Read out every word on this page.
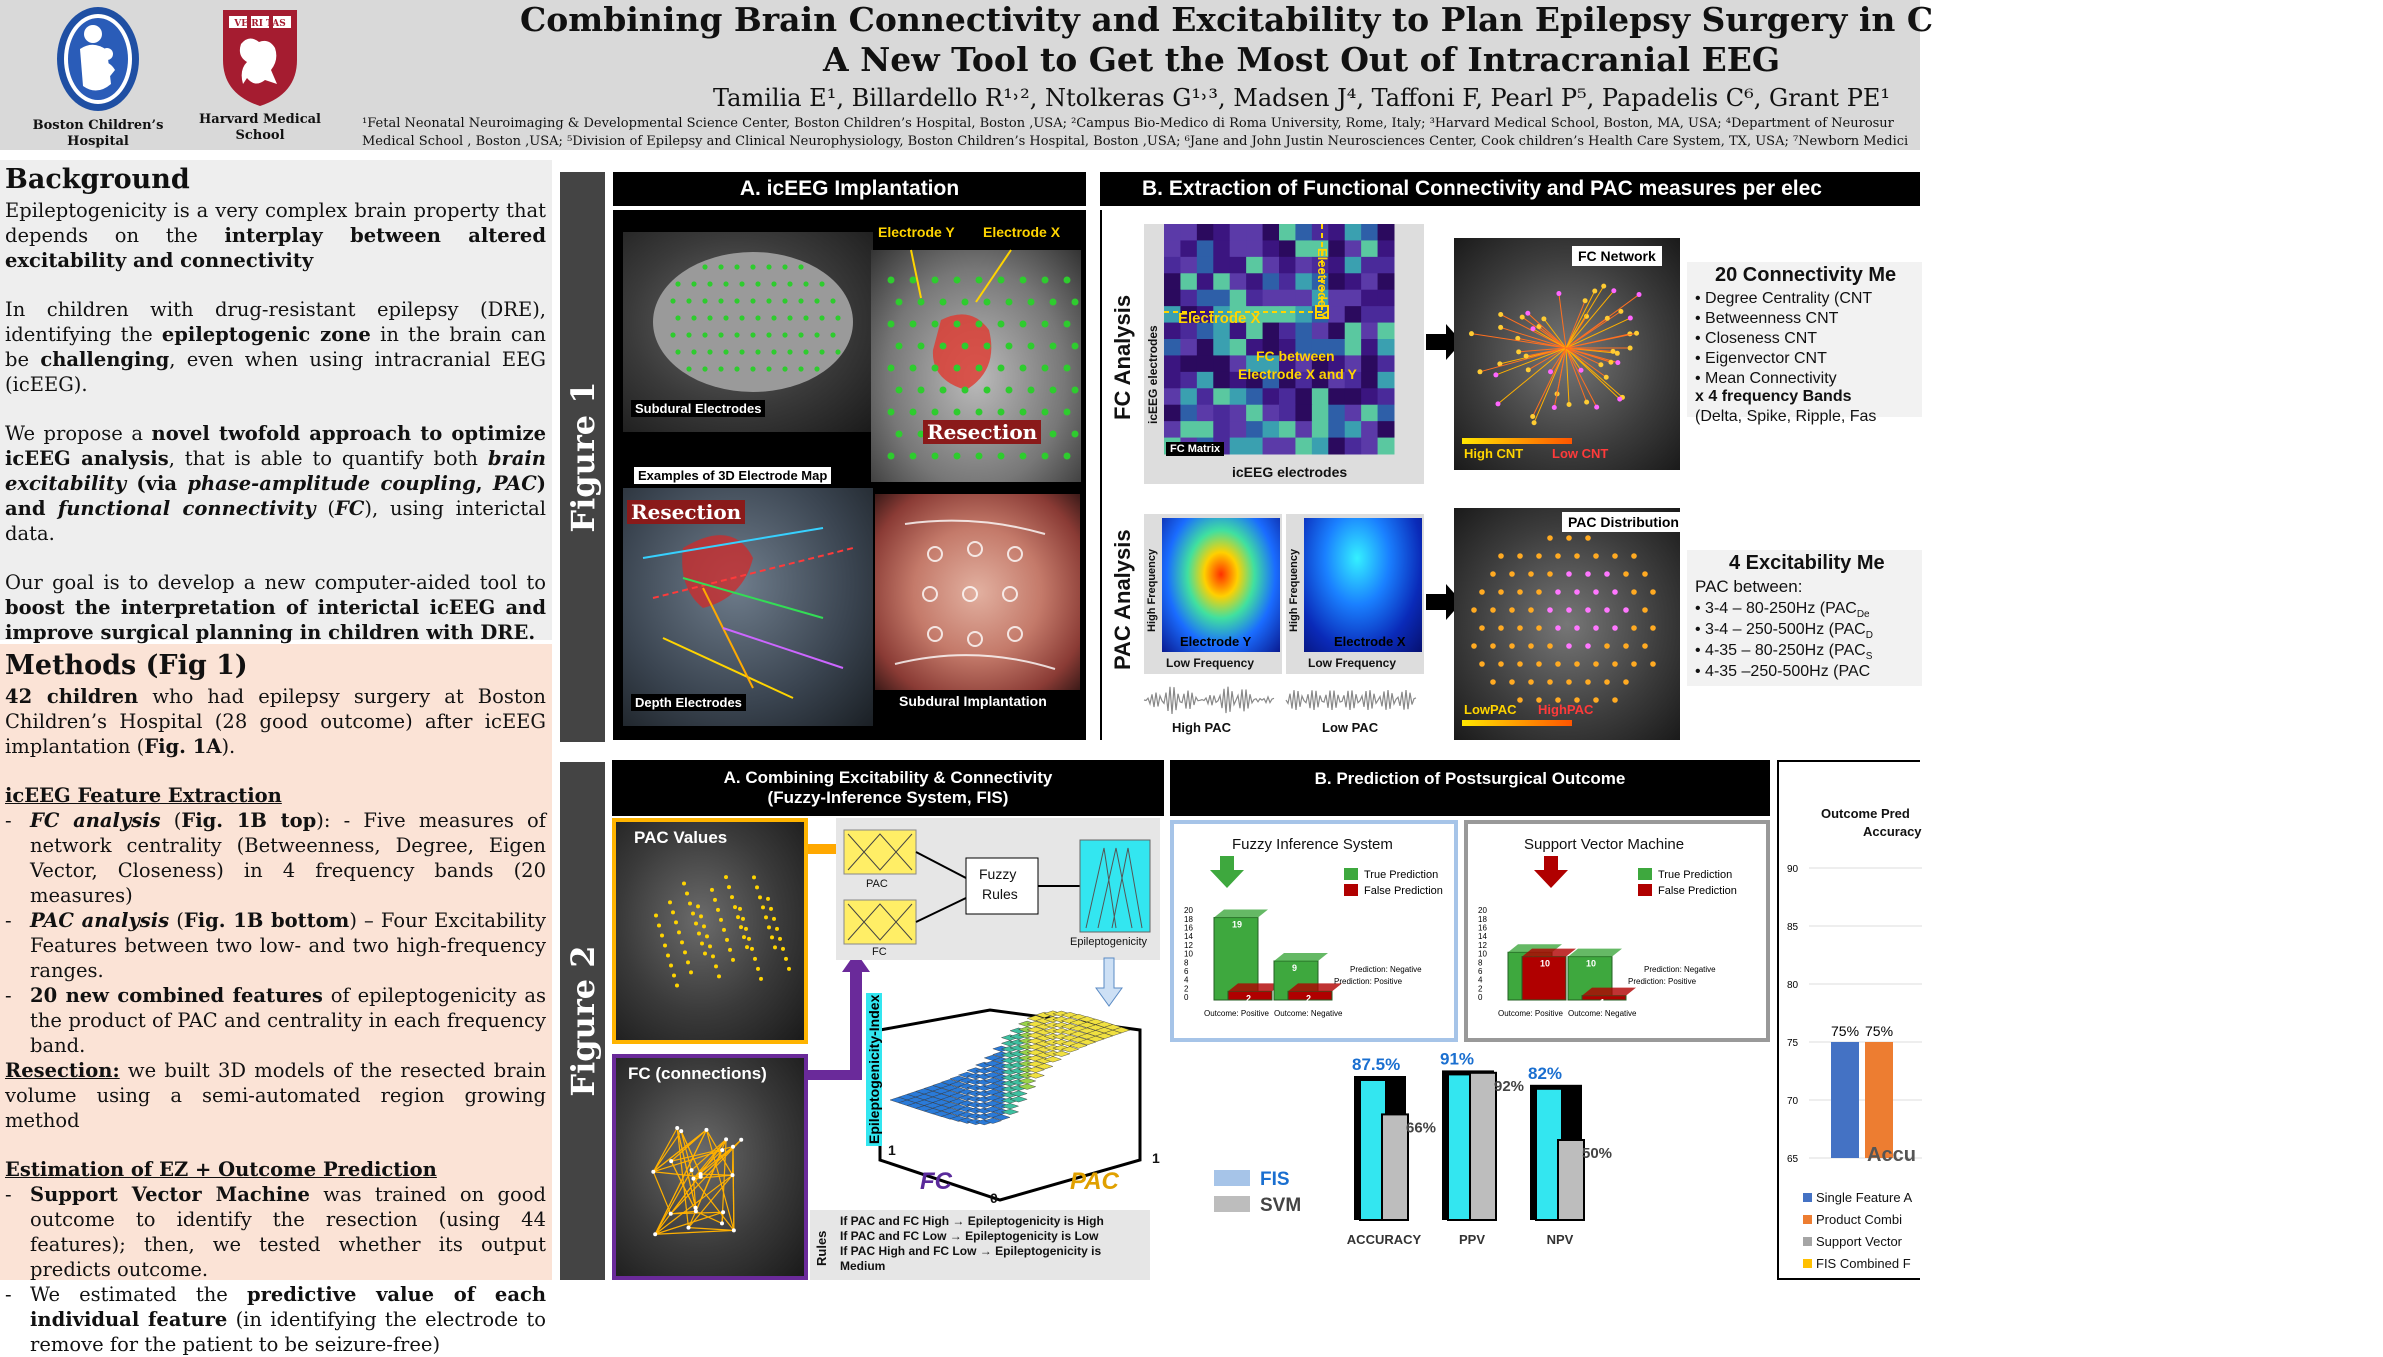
Boston Children’s Hospital
VE RI TAS
Harvard Medical School
Combining Brain Connectivity and Excitability to Plan Epilepsy Surgery in C
A New Tool to Get the Most Out of Intracranial EEG
Tamilia E¹, Billardello R¹˒², Ntolkeras G¹˒³, Madsen J⁴, Taffoni F, Pearl P⁵, Papadelis C⁶, Grant PE¹
¹Fetal Neonatal Neuroimaging & Developmental Science Center, Boston Children’s Hospital, Boston ,USA; ²Campus Bio-Medico di Roma University, Rome, Italy; ³Harvard Medical School, Boston, MA, USA; ⁴Department of Neurosur
Medical School , Boston ,USA; ⁵Division of Epilepsy and Clinical Neurophysiology, Boston Children’s Hospital, Boston ,USA; ⁶Jane and John Justin Neurosciences Center, Cook children’s Health Care System, TX, USA; ⁷Newborn Medici
Background

Epileptogenicity is a very complex brain property that depends on the interplay between altered excitability and connectivity

In children with drug-resistant epilepsy (DRE), identifying the epileptogenic zone in the brain can be challenging, even when using intracranial EEG (icEEG).

We propose a novel twofold approach to optimize icEEG analysis, that is able to quantify both brain excitability (via phase-amplitude coupling, PAC) and functional connectivity (FC), using interictal data.

Our goal is to develop a new computer-aided tool to boost the interpretation of interictal icEEG and improve surgical planning in children with DRE.

Methods (Fig 1)

42 children who had epilepsy surgery at Boston Children’s Hospital (28 good outcome) after icEEG implantation (Fig. 1A).

icEEG Feature Extraction
- FC analysis (Fig. 1B top): - Five measures of network centrality (Betweenness, Degree, Eigen Vector, Closeness) in 4 frequency bands (20 measures)
- PAC analysis (Fig. 1B bottom) – Four Excitability Features between two low- and two high-frequency ranges.
- 20 new combined features of epileptogenicity as the product of PAC and centrality in each frequency band.

Resection: we built 3D models of the resected brain volume using a semi-automated region growing method

Estimation of EZ + Outcome Prediction
- Support Vector Machine was trained on good outcome to identify the resection (using 44 features); then, we tested whether its output predicts outcome.
- We estimated the predictive value of each individual feature (in identifying the electrode to remove for the patient to be seizure-free)
Figure 1
A. icEEG Implantation	B. Extraction of Functional Connectivity and PAC measures per elec
Subdural Electrodes
Electrode Y Electrode X
Resection
Examples of 3D Electrode Map
Resection
Depth Electrodes	Subdural Implantation
FC Analysis
PAC Analysis
icEEG electrodes
icEEG electrodes
FC Matrix
Electrode X	Electrode Y
FC between
Electrode X and Y
FC Network
High CNT Low CNT
20 Connectivity Me
• Degree Centrality (CNT
• Betweenness CNT
• Closeness CNT
• Eigenvector CNT
• Mean Connectivity
x 4 frequency Bands
(Delta, Spike, Ripple, Fas
High Frequency
Electrode Y
Low Frequency
High Frequency
Electrode X
Low Frequency
High PAC	Low PAC
PAC Distribution
LowPAC HighPAC
4 Excitability Me
PAC between:
• 3-4 – 80-250Hz ($PAC_{De}$
• 3-4 – 250-500Hz ($PAC_D$
• 4-35 – 80-250Hz ($PAC_S$
• 4-35 –250-500Hz (PAC
Figure 2
A. Combining Excitability & Connectivity
(Fuzzy-Inference System, FIS)
B. Prediction of Postsurgical Outcome
PAC Values
FC (connections)
PAC
FC
Fuzzy
Rules
Epileptogenicity
Epileptogenicity-Index
FC	PAC
1
0
1
Rules
If PAC and FC High → Epileptogenicity is High
If PAC and FC Low → Epileptogenicity is Low
If PAC High and FC Low → Epileptogenicity is
Medium
Fuzzy Inference System
20
18
16
14
12
10
8
6
4
2
0
19
2
9
2
True Prediction
False Prediction
Prediction: Negative
Prediction: Positive
Outcome: Positive Outcome: Negative
Support Vector Machine
20
18
16
14
12
10
8
6
4
2
0
10	10
1
True Prediction
False Prediction
Prediction: Negative
Prediction: Positive
Outcome: Positive Outcome: Negative
FIS
SVM
87.5%
66%
ACCURACY
91%
92%
PPV
82%
50%
NPV
Outcome Pred
Accuracy
90
85
80
75
70
65
75% 75%
Accu
Single Feature A
Product Combi
Support Vector
FIS Combined F
